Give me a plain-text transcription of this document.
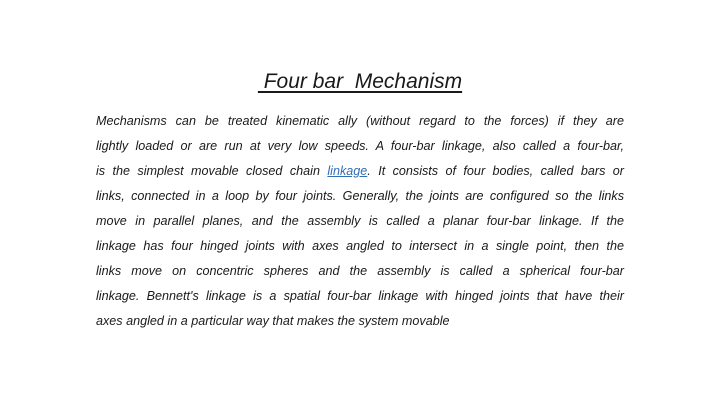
Four bar  Mechanism
Mechanisms can be treated kinematic ally (without regard to the forces) if they are
lightly loaded or are run at very low speeds. A four-bar linkage, also called a four-bar,
is the simplest movable closed chain linkage. It consists of four bodies, called bars or
links, connected in a loop by four joints. Generally, the joints are configured so the links
move in parallel planes, and the assembly is called a planar four-bar linkage. If the
linkage has four hinged joints with axes angled to intersect in a single point, then the
links move on concentric spheres and the assembly is called a spherical four-bar
linkage. Bennett's linkage is a spatial four-bar linkage with hinged joints that have their
axes angled in a particular way that makes the system movable
